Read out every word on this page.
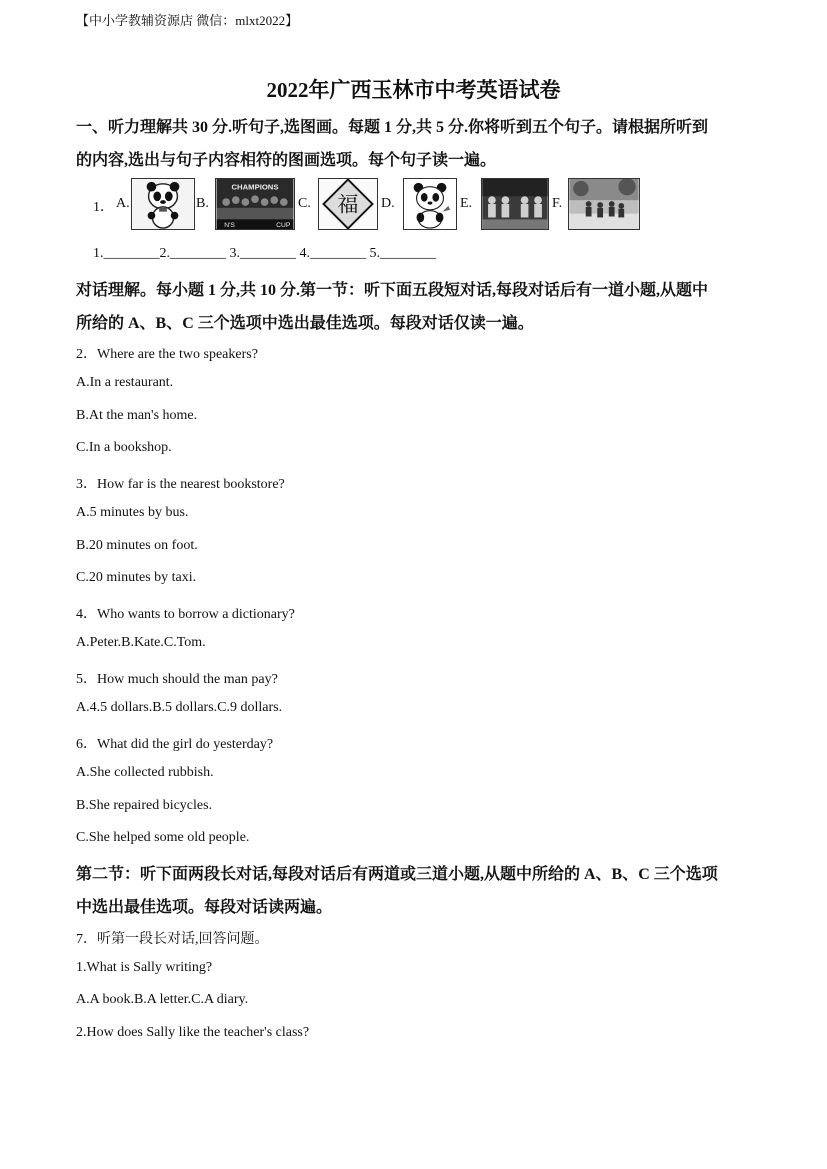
【中小学教辅资源店 微信：mlxt2022】
2022年广西玉林市中考英语试卷
一、听力理解共 30 分.听句子,选图画。每题 1 分,共 5 分.你将听到五个句子。请根据所听到
的内容,选出与句子内容相符的图画选项。每个句子读一遍。
1． A.	B.	C.	D.	E.	F.
CHAMPIONS
N'S	CUP
福
1.________2.________ 3.________ 4.________ 5.________
对话理解。每小题 1 分,共 10 分.第一节：听下面五段短对话,每段对话后有一道小题,从题中
所给的 A、B、C 三个选项中选出最佳选项。每段对话仅读一遍。
2．Where are the two speakers?
A.In a restaurant.
B.At the man's home.
C.In a bookshop.
3．How far is the nearest bookstore?
A.5 minutes by bus.
B.20 minutes on foot.
C.20 minutes by taxi.
4．Who wants to borrow a dictionary?
A.Peter.B.Kate.C.Tom.
5．How much should the man pay?
A.4.5 dollars.B.5 dollars.C.9 dollars.
6．What did the girl do yesterday?
A.She collected rubbish.
B.She repaired bicycles.
C.She helped some old people.
第二节：听下面两段长对话,每段对话后有两道或三道小题,从题中所给的 A、B、C 三个选项
中选出最佳选项。每段对话读两遍。
7．听第一段长对话,回答问题。
1.What is Sally writing?
A.A book.B.A letter.C.A diary.
2.How does Sally like the teacher's class?
